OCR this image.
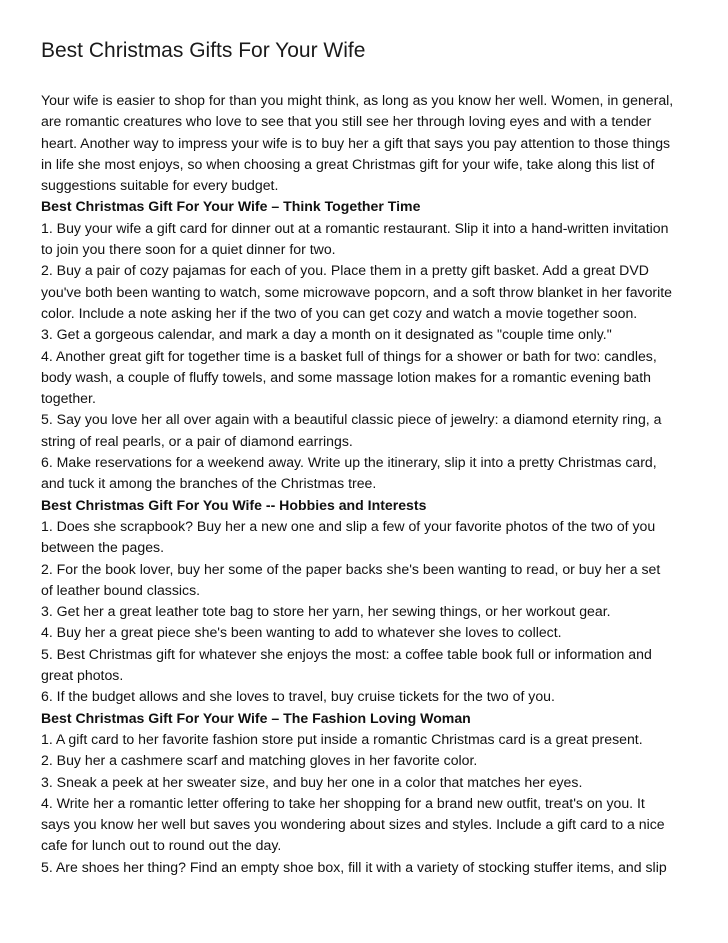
Best Christmas Gifts For Your Wife
Your wife is easier to shop for than you might think, as long as you know her well. Women, in general,
are romantic creatures who love to see that you still see her through loving eyes and with a tender
heart. Another way to impress your wife is to buy her a gift that says you pay attention to those things
in life she most enjoys, so when choosing a great Christmas gift for your wife, take along this list of
suggestions suitable for every budget.
Best Christmas Gift For Your Wife – Think Together Time
1. Buy your wife a gift card for dinner out at a romantic restaurant. Slip it into a hand-written invitation
to join you there soon for a quiet dinner for two.
2. Buy a pair of cozy pajamas for each of you. Place them in a pretty gift basket. Add a great DVD
you've both been wanting to watch, some microwave popcorn, and a soft throw blanket in her favorite
color. Include a note asking her if the two of you can get cozy and watch a movie together soon.
3. Get a gorgeous calendar, and mark a day a month on it designated as "couple time only."
4. Another great gift for together time is a basket full of things for a shower or bath for two: candles,
body wash, a couple of fluffy towels, and some massage lotion makes for a romantic evening bath
together.
5. Say you love her all over again with a beautiful classic piece of jewelry: a diamond eternity ring, a
string of real pearls, or a pair of diamond earrings.
6. Make reservations for a weekend away. Write up the itinerary, slip it into a pretty Christmas card,
and tuck it among the branches of the Christmas tree.
Best Christmas Gift For You Wife -- Hobbies and Interests
1. Does she scrapbook? Buy her a new one and slip a few of your favorite photos of the two of you
between the pages.
2. For the book lover, buy her some of the paper backs she's been wanting to read, or buy her a set
of leather bound classics.
3. Get her a great leather tote bag to store her yarn, her sewing things, or her workout gear.
4. Buy her a great piece she's been wanting to add to whatever she loves to collect.
5. Best Christmas gift for whatever she enjoys the most: a coffee table book full or information and
great photos.
6. If the budget allows and she loves to travel, buy cruise tickets for the two of you.
Best Christmas Gift For Your Wife – The Fashion Loving Woman
1. A gift card to her favorite fashion store put inside a romantic Christmas card is a great present.
2. Buy her a cashmere scarf and matching gloves in her favorite color.
3. Sneak a peek at her sweater size, and buy her one in a color that matches her eyes.
4. Write her a romantic letter offering to take her shopping for a brand new outfit, treat's on you. It
says you know her well but saves you wondering about sizes and styles. Include a gift card to a nice
cafe for lunch out to round out the day.
5. Are shoes her thing? Find an empty shoe box, fill it with a variety of stocking stuffer items, and slip
